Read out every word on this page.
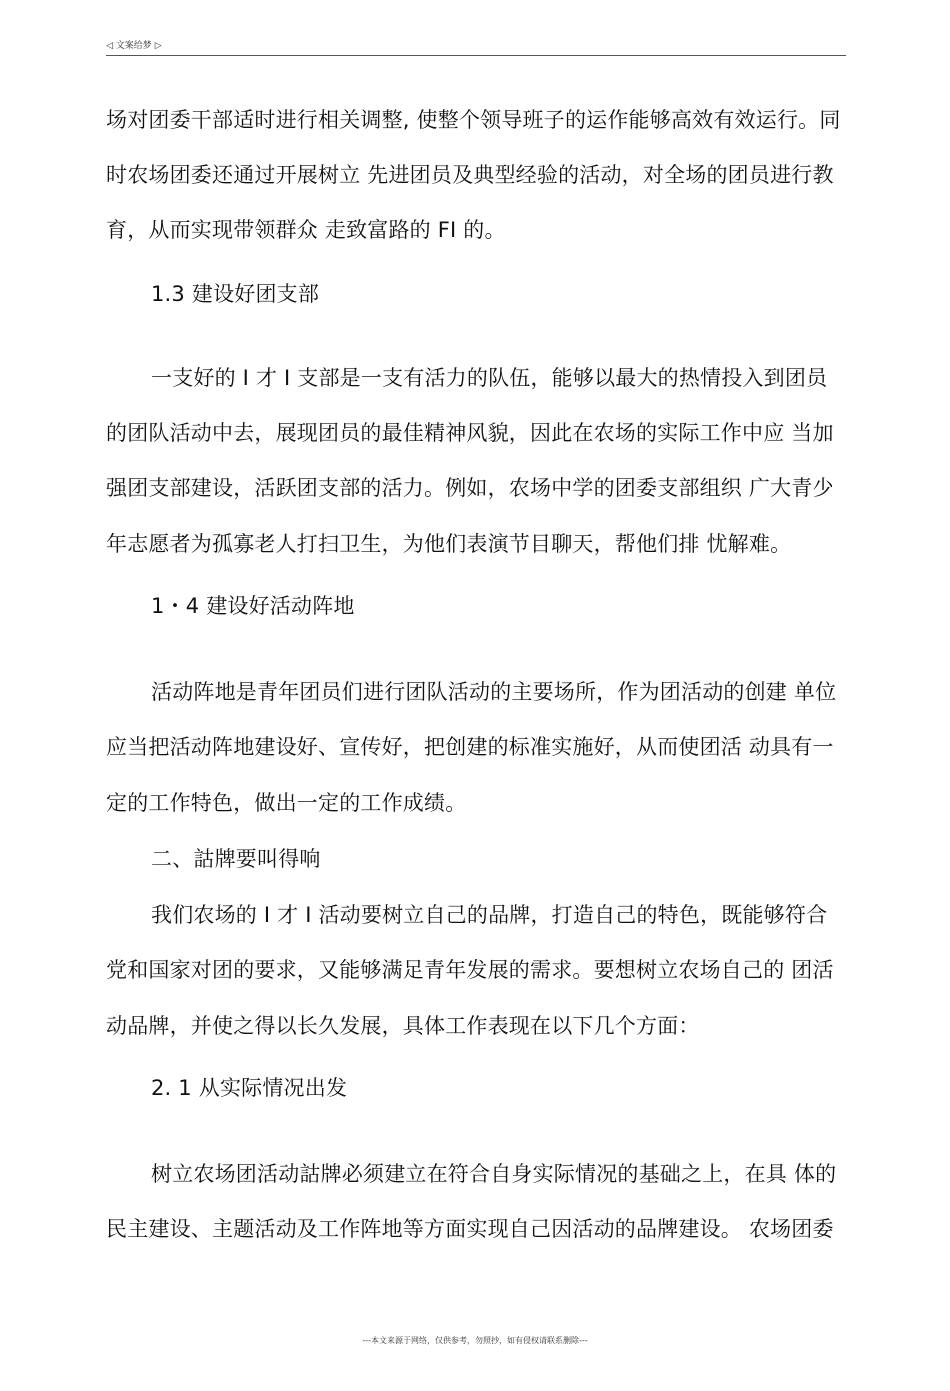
◁ 文案给梦 ▷
场对团委干部适时进行相关调整, 使整个领导班子的运作能够高效有效运行。同
时农场团委还通过开展树立 先进团员及典型经验的活动，对全场的团员进行教
育，从而实现带领群众 走致富路的 FI 的。
1.3 建设好团支部
一支好的 I 才 I 支部是一支有活力的队伍，能够以最大的热情投入到团员
的团队活动中去，展现团员的最佳精神风貌，因此在农场的实际工作中应 当加
强团支部建设，活跃团支部的活力。例如，农场中学的团委支部组织 广大青少
年志愿者为孤寡老人打扫卫生，为他们表演节目聊天，帮他们排 忧解难。
1・4 建设好活动阵地
活动阵地是青年团员们进行团队活动的主要场所，作为团活动的创建 单位
应当把活动阵地建设好、宣传好，把创建的标准实施好，从而使团活 动具有一
定的工作特色，做出一定的工作成绩。
二、詁牌要叫得响
我们农场的 I 才 I 活动要树立自己的品牌，打造自己的特色，既能够符合
党和国家对团的要求，又能够满足青年发展的需求。要想树立农场自己的 团活
动品牌，并使之得以长久发展，具体工作表现在以下几个方面：
2. 1 从实际情况出发
树立农场团活动詁牌必须建立在符合自身实际情况的基础之上，在具 体的
民主建设、主题活动及工作阵地等方面实现自己因活动的品牌建设。 农场团委
---本文来源于网络，仅供参考，勿照抄，如有侵权请联系删除---
